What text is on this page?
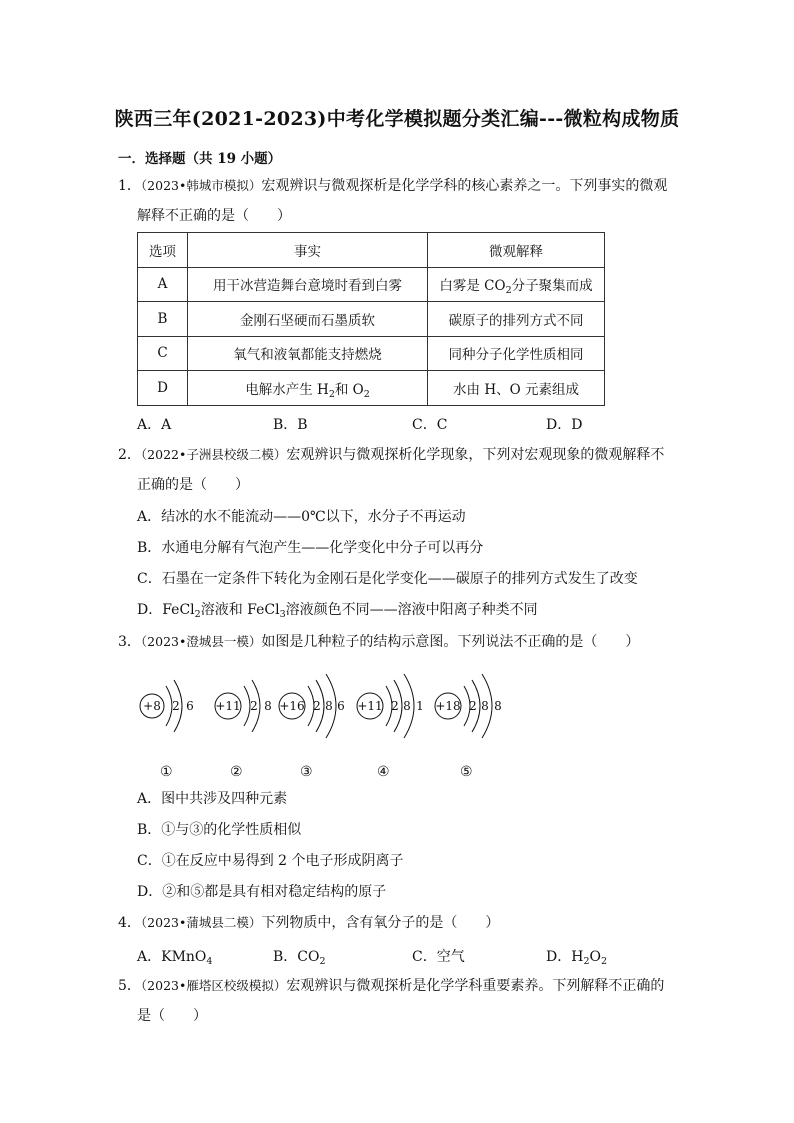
陕西三年(2021-2023)中考化学模拟题分类汇编---微粒构成物质
一．选择题（共 19 小题）
1．（2023•韩城市模拟）宏观辨识与微观探析是化学学科的核心素养之一。下列事实的微观
解释不正确的是（　　）
选项	事实	微观解释
A	用干冰营造舞台意境时看到白雾	白雾是 $CO_2$分子聚集而成
B	金刚石坚硬而石墨质软	碳原子的排列方式不同
C	氧气和液氧都能支持燃烧	同种分子化学性质相同
D	电解水产生 $H_2$和 $O_2$	水由 H、O 元素组成
A．A	B．B	C．C	D．D
2．（2022•子洲县校级二模）宏观辨识与微观探析化学现象，下列对宏观现象的微观解释不
正确的是（　　）
A．结冰的水不能流动——0℃以下，水分子不再运动
B．水通电分解有气泡产生——化学变化中分子可以再分
C．石墨在一定条件下转化为金刚石是化学变化——碳原子的排列方式发生了改变
D．FeCl$_2$溶液和 FeCl$_3$溶液颜色不同——溶液中阳离子种类不同
3．（2023•澄城县一模）如图是几种粒子的结构示意图。下列说法不正确的是（　　）
+8 2 6 +11 2 8 +16 2 8 6 +11 2 8 1 +18 2 8 8
①	②	③	④	⑤
A．图中共涉及四种元素
B．①与③的化学性质相似
C．①在反应中易得到 2 个电子形成阴离子
D．②和⑤都是具有相对稳定结构的原子
4．（2023•蒲城县二模）下列物质中，含有氧分子的是（　　）
A．KMnO$_4$	B．$CO_2$	C．空气	D．$H_2O_2$
5．（2023•雁塔区校级模拟）宏观辨识与微观探析是化学学科重要素养。下列解释不正确的
是（　　）
